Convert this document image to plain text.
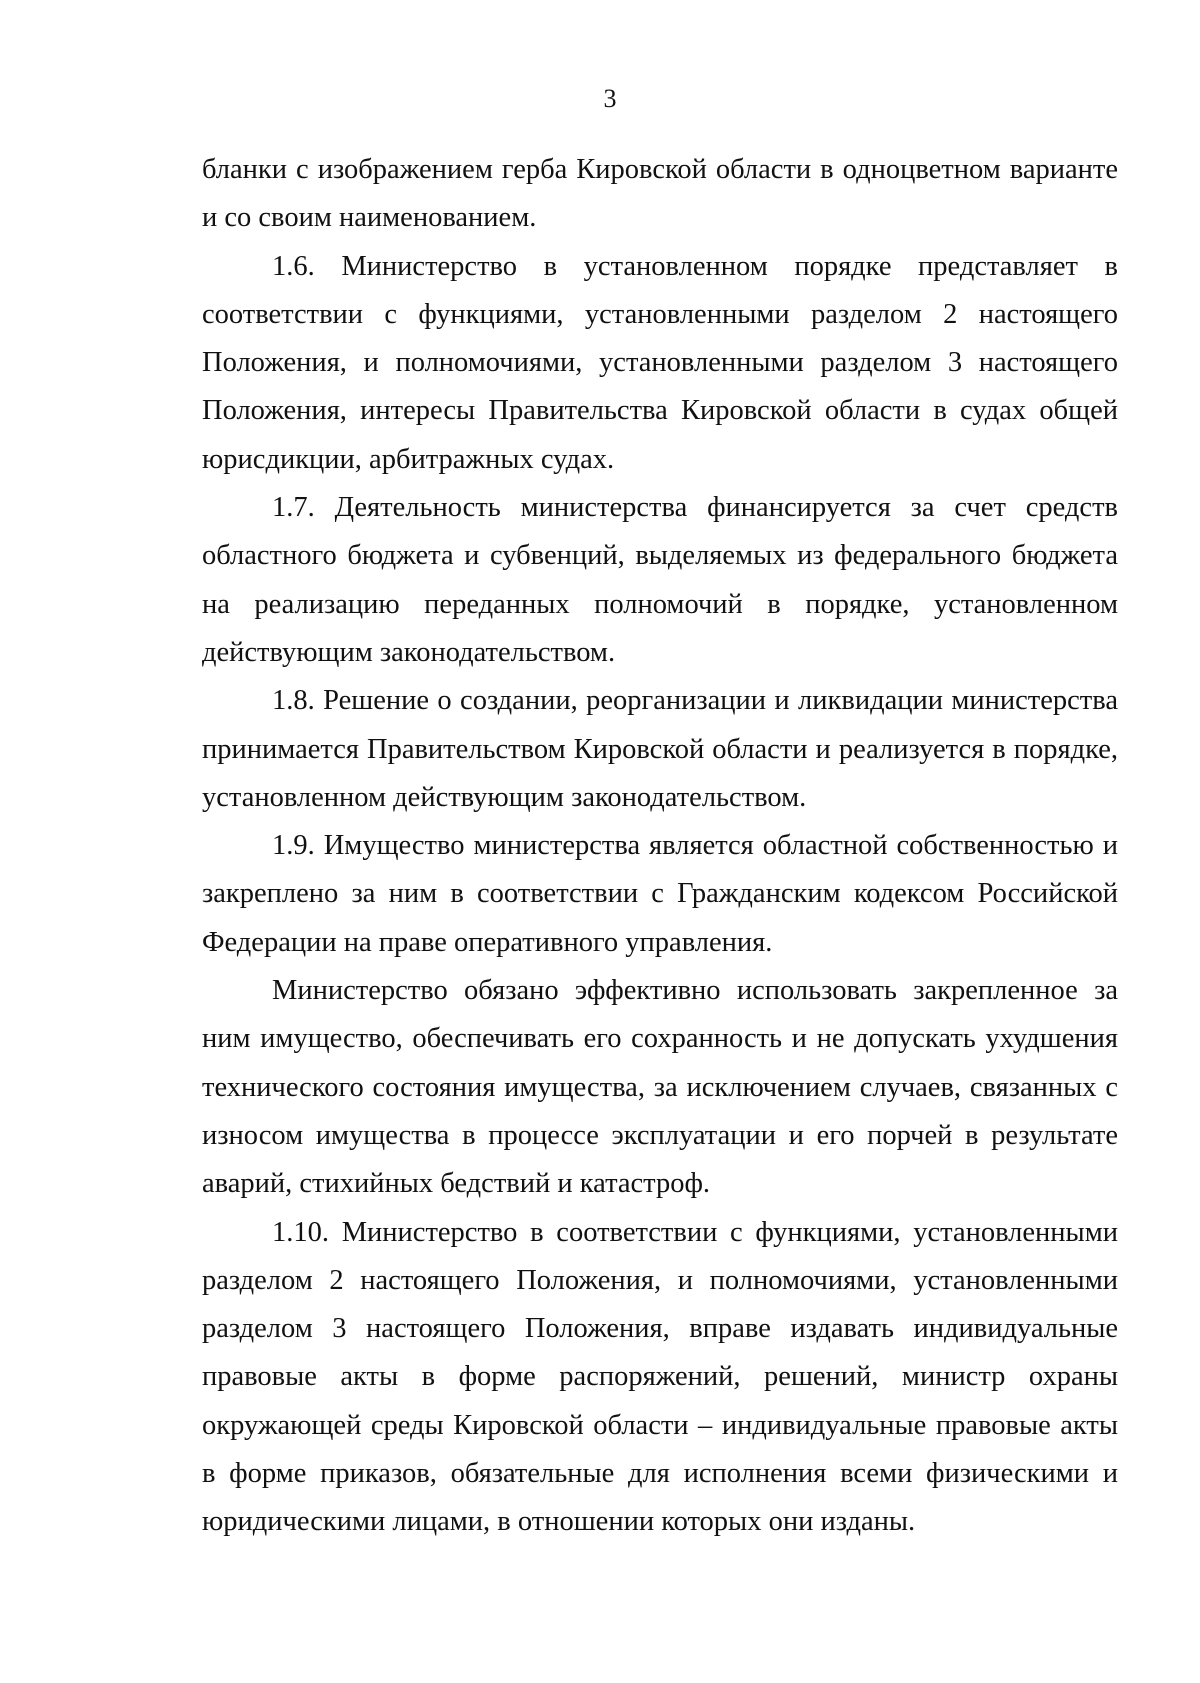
3

бланки с изображением герба Кировской области в одноцветном варианте и со своим наименованием.

1.6. Министерство в установленном порядке представляет в соответствии с функциями, установленными разделом 2 настоящего Положения, и полномочиями, установленными разделом 3 настоящего Положения, интересы Правительства Кировской области в судах общей юрисдикции, арбитражных судах.

1.7. Деятельность министерства финансируется за счет средств областного бюджета и субвенций, выделяемых из федерального бюджета на реализацию переданных полномочий в порядке, установленном действующим законодательством.

1.8. Решение о создании, реорганизации и ликвидации министерства принимается Правительством Кировской области и реализуется в порядке, установленном действующим законодательством.

1.9. Имущество министерства является областной собственностью и закреплено за ним в соответствии с Гражданским кодексом Российской Федерации на праве оперативного управления.

Министерство обязано эффективно использовать закрепленное за ним имущество, обеспечивать его сохранность и не допускать ухудшения технического состояния имущества, за исключением случаев, связанных с износом имущества в процессе эксплуатации и его порчей в результате аварий, стихийных бедствий и катастроф.

1.10. Министерство в соответствии с функциями, установленными разделом 2 настоящего Положения, и полномочиями, установленными разделом 3 настоящего Положения, вправе издавать индивидуальные правовые акты в форме распоряжений, решений, министр охраны окружающей среды Кировской области – индивидуальные правовые акты в форме приказов, обязательные для исполнения всеми физическими и юридическими лицами, в отношении которых они изданы.
